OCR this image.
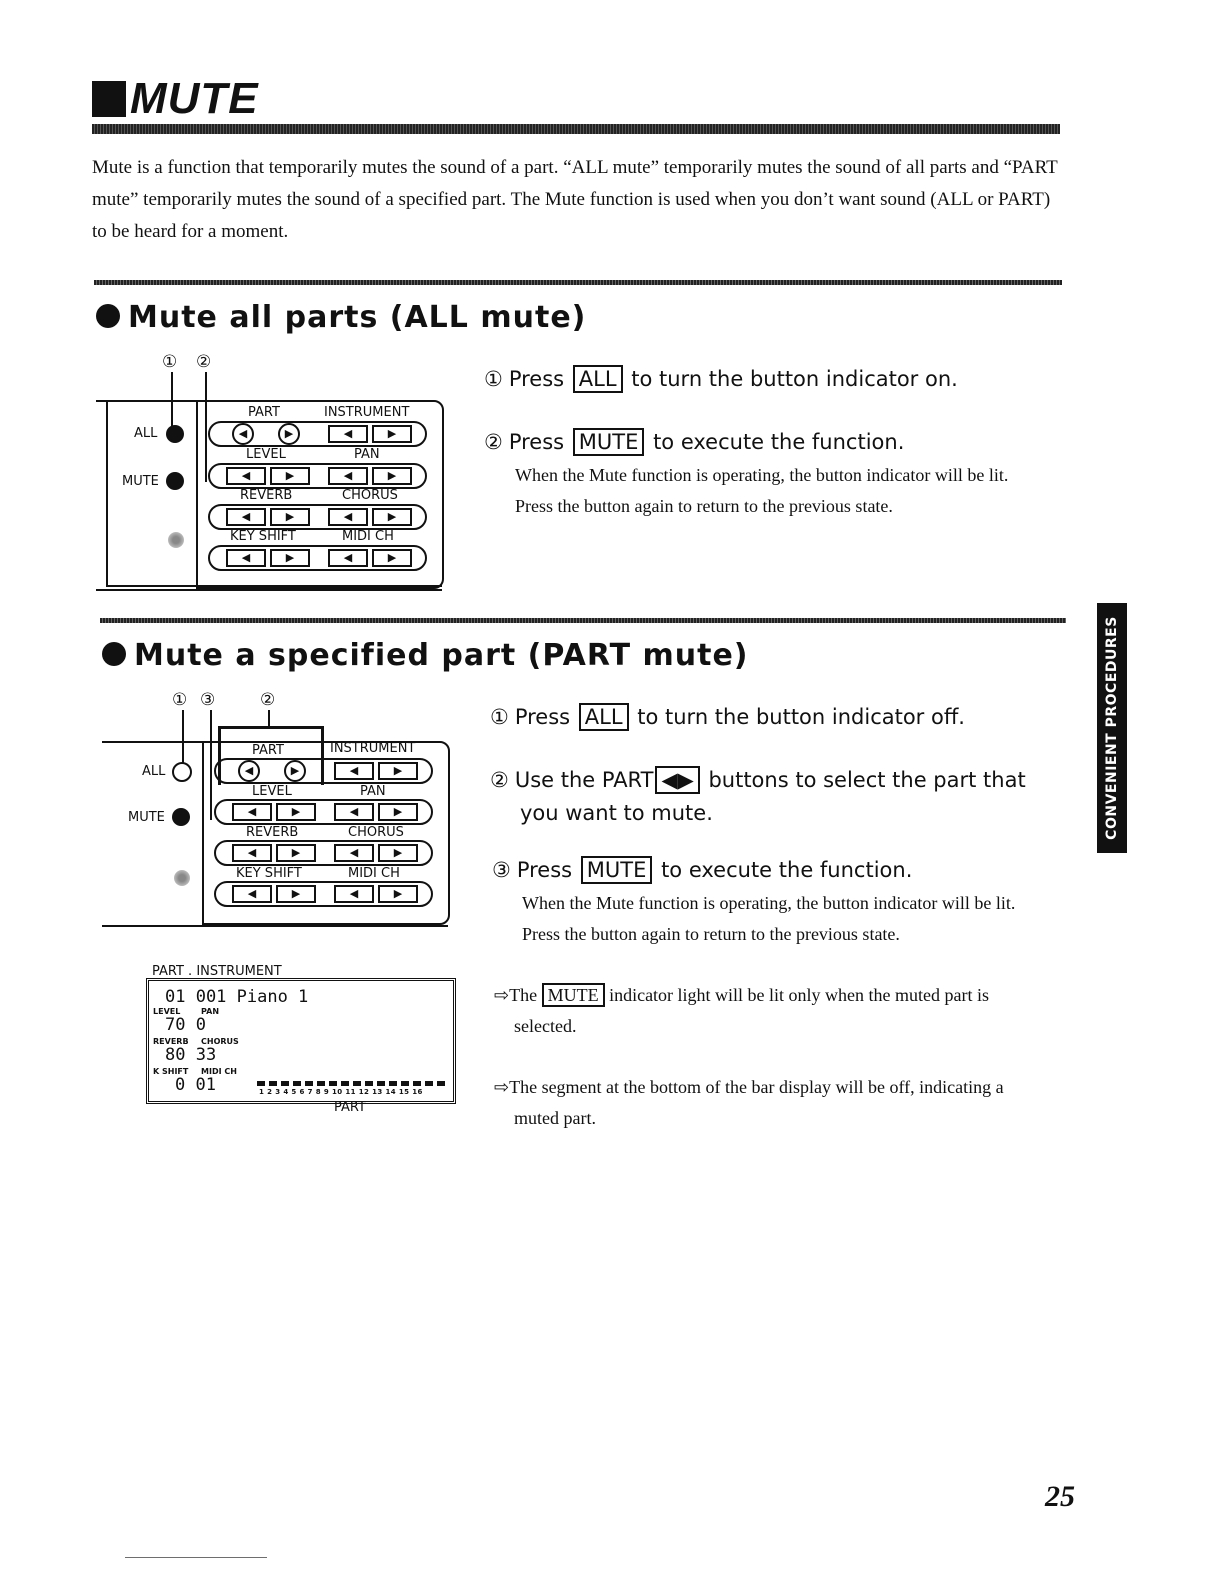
MUTE
Mute is a function that temporarily mutes the sound of a part. “ALL mute” temporarily mutes the sound of all parts and “PART mute” temporarily mutes the sound of a specified part. The Mute function is used when you don’t want sound (ALL or PART) to be heard for a moment.
Mute all parts (ALL mute)
① ②
ALL
MUTE
PART	INSTRUMENT
◀	▶	◀	▶
LEVEL	PAN
◀	▶	◀	▶
REVERB	CHORUS
◀	▶	◀	▶
KEY SHIFT	MIDI CH
◀	▶	◀	▶
① Press ALL to turn the button indicator on.
② Press MUTE to execute the function.
When the Mute function is operating, the button indicator will be lit.
Press the button again to return to the previous state.
Mute a specified part (PART mute)
① ③	②
ALL
MUTE
PART	INSTRUMENT
◀	▶	◀	▶
LEVEL	PAN
◀	▶	◀	▶
REVERB	CHORUS
◀	▶	◀	▶
KEY SHIFT	MIDI CH
◀	▶	◀	▶
① Press ALL to turn the button indicator off.
② Use the PART ◀▶ buttons to select the part that
you want to mute.
③ Press MUTE to execute the function.
When the Mute function is operating, the button indicator will be lit.
Press the button again to return to the previous state.
PART . INSTRUMENT
01 001 Piano 1
LEVEL	PAN
70 0
REVERB CHORUS
80 33
K SHIFT MIDI CH
0 01	1 2 3 4 5 6 7 8 9 10 11 12 13 14 15 16
PART
⇨The MUTE indicator light will be lit only when the muted part is
selected.
⇨The segment at the bottom of the bar display will be off, indicating a
muted part.
CONVENIENT PROCEDURES
25
